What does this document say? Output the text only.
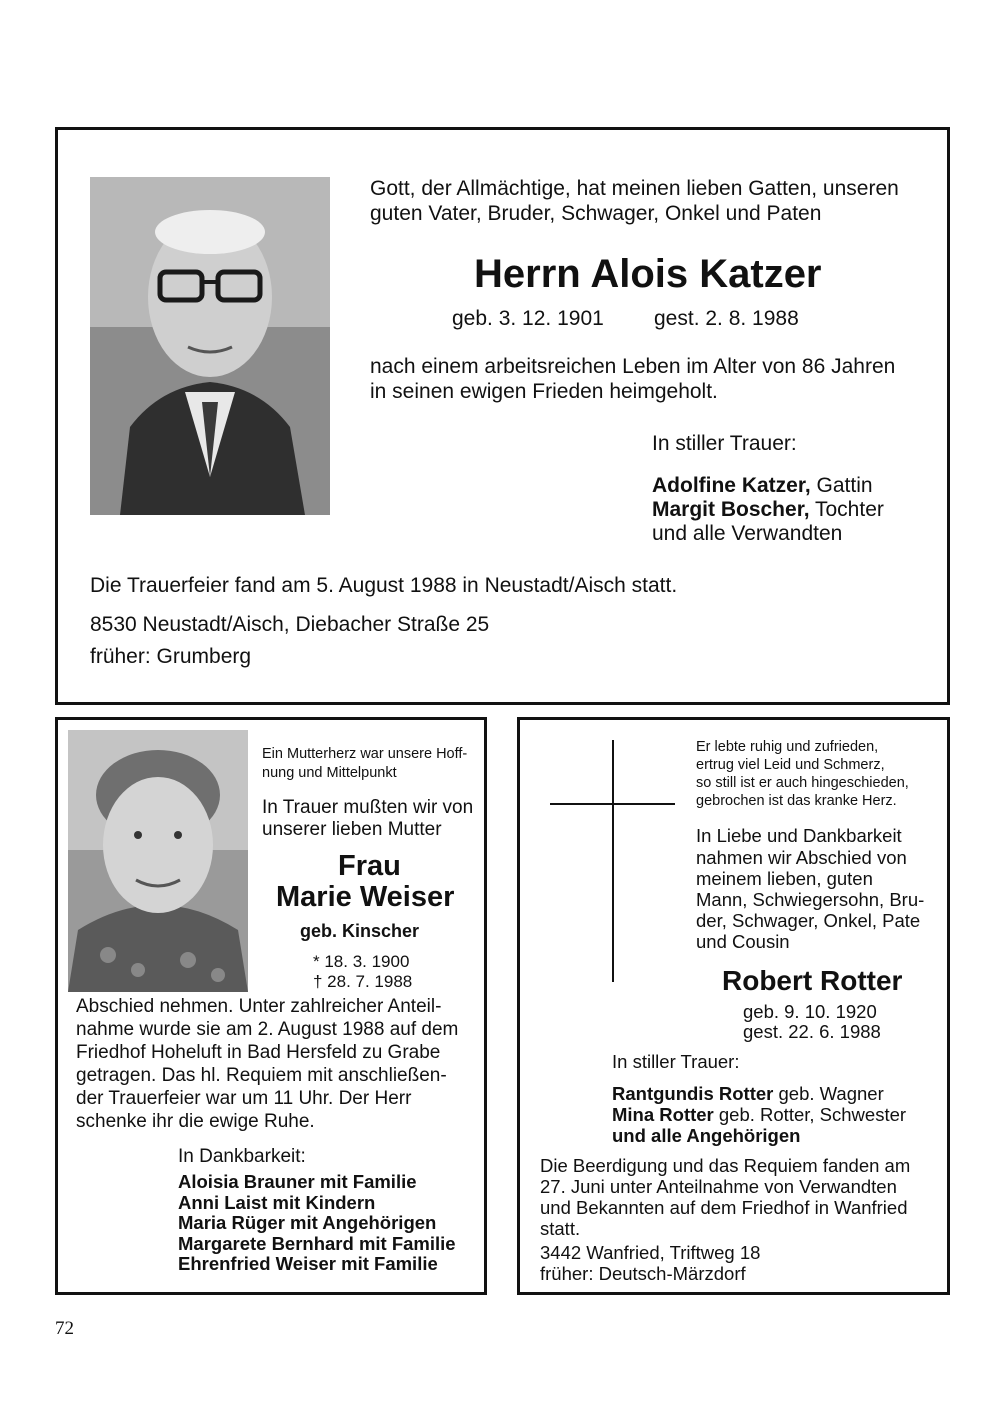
Gott, der Allmächtige, hat meinen lieben Gatten, unseren
guten Vater, Bruder, Schwager, Onkel und Paten
Herrn Alois Katzer
geb. 3. 12. 1901 gest. 2. 8. 1988
nach einem arbeitsreichen Leben im Alter von 86 Jahren
in seinen ewigen Frieden heimgeholt.
In stiller Trauer:
Adolfine Katzer, Gattin
Margit Boscher, Tochter
und alle Verwandten
Die Trauerfeier fand am 5. August 1988 in Neustadt/Aisch statt.
8530 Neustadt/Aisch, Diebacher Straße 25
früher: Grumberg
Ein Mutterherz war unsere Hoff-
nung und Mittelpunkt
In Trauer mußten wir von
unserer lieben Mutter
Frau
Marie Weiser
geb. Kinscher
* 18. 3. 1900
† 28. 7. 1988
Abschied nehmen. Unter zahlreicher Anteil-
nahme wurde sie am 2. August 1988 auf dem
Friedhof Hoheluft in Bad Hersfeld zu Grabe
getragen. Das hl. Requiem mit anschließen-
der Trauerfeier war um 11 Uhr. Der Herr
schenke ihr die ewige Ruhe.
In Dankbarkeit:
Aloisia Brauner mit Familie
Anni Laist mit Kindern
Maria Rüger mit Angehörigen
Margarete Bernhard mit Familie
Ehrenfried Weiser mit Familie
Er lebte ruhig und zufrieden,
ertrug viel Leid und Schmerz,
so still ist er auch hingeschieden,
gebrochen ist das kranke Herz.
In Liebe und Dankbarkeit
nahmen wir Abschied von
meinem lieben, guten
Mann, Schwiegersohn, Bru-
der, Schwager, Onkel, Pate
und Cousin
Robert Rotter
geb. 9. 10. 1920
gest. 22. 6. 1988
In stiller Trauer:
Rantgundis Rotter geb. Wagner
Mina Rotter geb. Rotter, Schwester
und alle Angehörigen
Die Beerdigung und das Requiem fanden am
27. Juni unter Anteilnahme von Verwandten
und Bekannten auf dem Friedhof in Wanfried
statt.
3442 Wanfried, Triftweg 18
früher: Deutsch-Märzdorf
72
